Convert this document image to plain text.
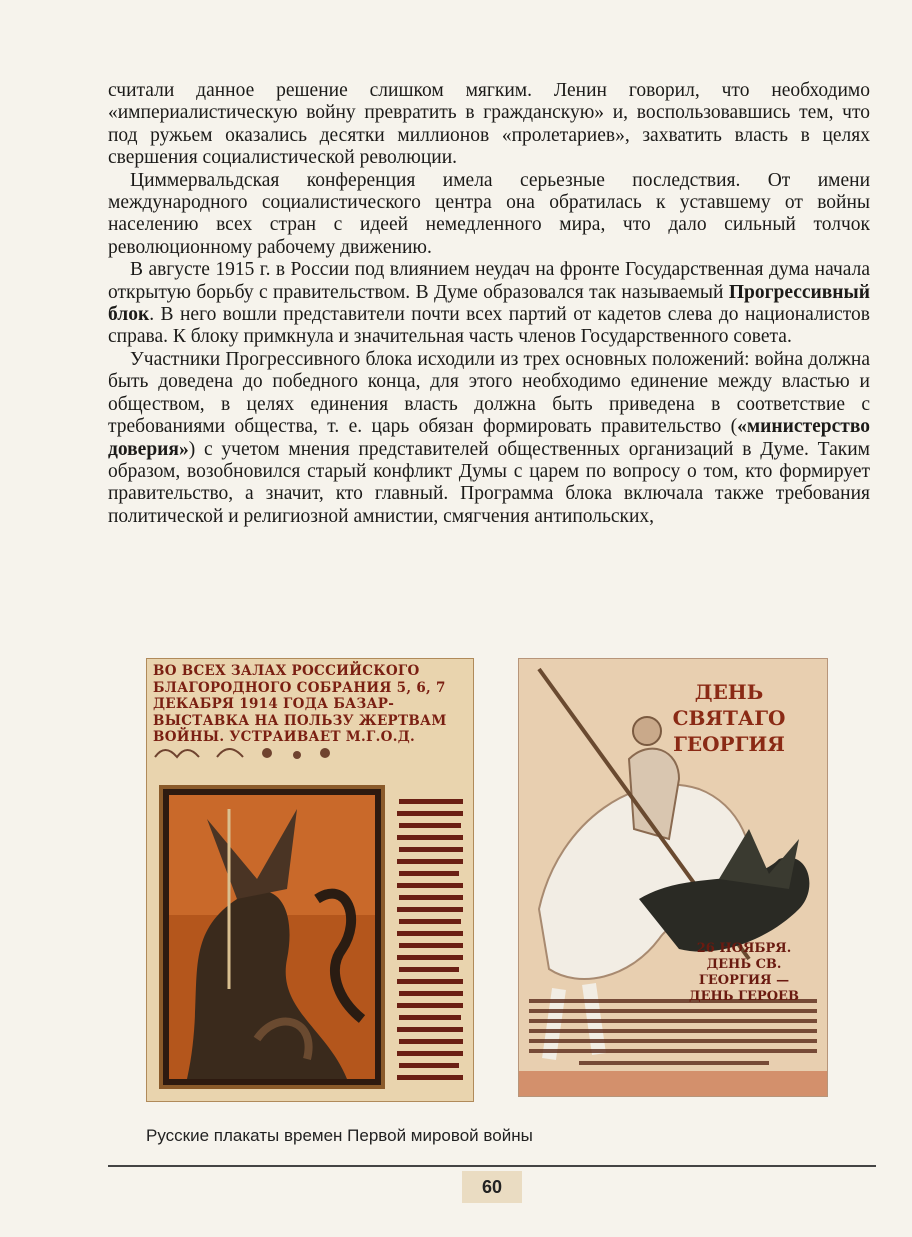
считали данное решение слишком мягким. Ленин говорил, что необходимо «империалистическую войну превратить в гражданскую» и, воспользовавшись тем, что под ружьем оказались десятки миллионов «пролетариев», захватить власть в целях свершения социалистической революции.

Циммервальдская конференция имела серьезные последствия. От имени международного социалистического центра она обратилась к уставшему от войны населению всех стран с идеей немедленного мира, что дало сильный толчок революционному рабочему движению.

В августе 1915 г. в России под влиянием неудач на фронте Государственная дума начала открытую борьбу с правительством. В Думе образовался так называемый Прогрессивный блок. В него вошли представители почти всех партий от кадетов слева до националистов справа. К блоку примкнула и значительная часть членов Государственного совета.

Участники Прогрессивного блока исходили из трех основных положений: война должна быть доведена до победного конца, для этого необходимо единение между властью и обществом, в целях единения власть должна быть приведена в соответствие с требованиями общества, т. е. царь обязан формировать правительство («министерство доверия») с учетом мнения представителей общественных организаций в Думе. Таким образом, возобновился старый конфликт Думы с царем по вопросу о том, кто формирует правительство, а значит, кто главный. Программа блока включала также требования политической и религиозной амнистии, смягчения антипольских,

ВО ВСЕХ ЗАЛАХ РОССИЙСКОГО БЛАГОРОДНОГО СОБРАНИЯ 5, 6, 7 ДЕКАБРЯ 1914 ГОДА БАЗАР-ВЫСТАВКА НА ПОЛЬЗУ ЖЕРТВАМ ВОЙНЫ. УСТРАИВАЕТ М.Г.О.Д.
ДЕНЬ СВЯТАГО ГЕОРГИЯ
26 НОЯБРЯ. ДЕНЬ СВ. ГЕОРГИЯ — ДЕНЬ ГЕРОЕВ
Русские плакаты времен Первой мировой войны
60
